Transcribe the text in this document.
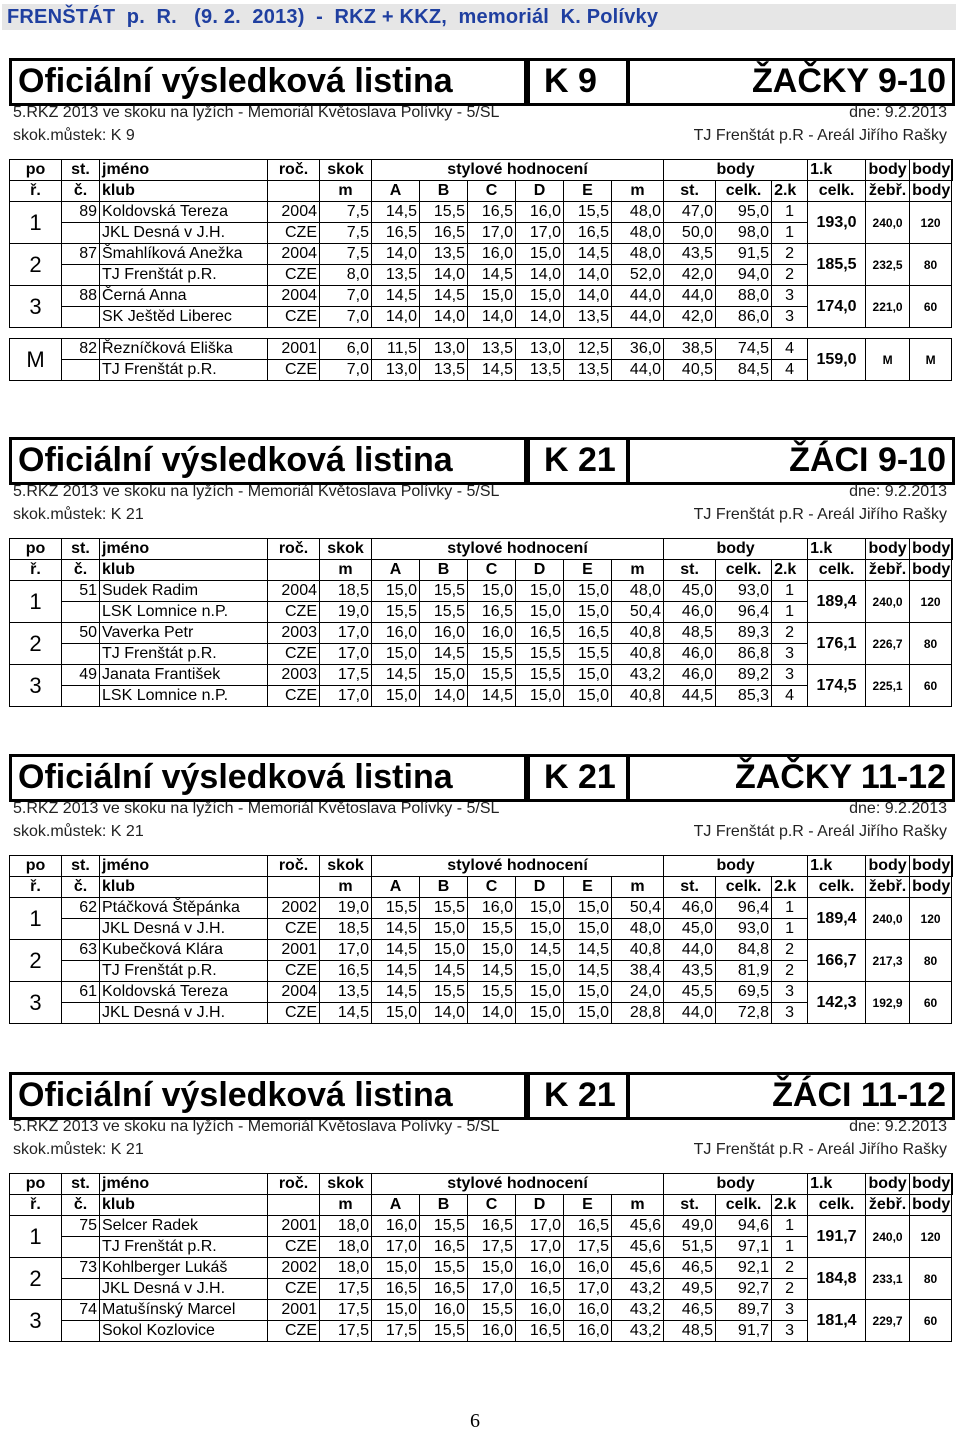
FRENŠTÁT  p.  R.   (9. 2.  2013)  -  RKZ + KKZ,  memoriál  K. Polívky
Oficiální výsledková listina	K 9	ŽAČKY 9-10
5.RKZ 2013 ve skoku na lyžích - Memoriál Květoslava Polívky - 5/SL	dne: 9.2.2013
skok.můstek: K 9	TJ Frenštát p.R - Areál Jiřího Rašky
po	st.	jméno	roč.	skok	stylové hodnocení						body			1.k	body	body	
ř.	č.	klub		m	A	B	C	D	E	m	st.	celk.	2.k	celk.	žebř.	body	
1	89	Koldovská Tereza	2004	7,5	14,5	15,5	16,5	16,0	15,5	48,0	47,0	95,0	1	193,0	240,0	120	
		JKL Desná v J.H.	CZE	7,5	16,5	16,5	17,0	17,0	16,5	48,0	50,0	98,0	1				
2	87	Šmahlíková Anežka	2004	7,5	14,0	13,5	16,0	15,0	14,5	48,0	43,5	91,5	2	185,5	232,5	80	
		TJ Frenštát p.R.	CZE	8,0	13,5	14,0	14,5	14,0	14,0	52,0	42,0	94,0	2				
3	88	Černá Anna	2004	7,0	14,5	14,5	15,0	15,0	14,0	44,0	44,0	88,0	3	174,0	221,0	60	
		SK Ještěd Liberec	CZE	7,0	14,0	14,0	14,0	14,0	13,5	44,0	42,0	86,0	3				

M	82	Řezníčková Eliška	2001	6,0	11,5	13,0	13,5	13,0	12,5	36,0	38,5	74,5	4	159,0	M	M	
		TJ Frenštát p.R.	CZE	7,0	13,0	13,5	14,5	13,5	13,5	44,0	40,5	84,5	4				
Oficiální výsledková listina	K 21	ŽÁCI 9-10
5.RKZ 2013 ve skoku na lyžích - Memoriál Květoslava Polívky - 5/SL	dne: 9.2.2013
skok.můstek: K 21	TJ Frenštát p.R - Areál Jiřího Rašky
po	st.	jméno	roč.	skok	stylové hodnocení						body			1.k	body	body	
ř.	č.	klub		m	A	B	C	D	E	m	st.	celk.	2.k	celk.	žebř.	body	
1	51	Sudek Radim	2004	18,5	15,0	15,5	15,0	15,0	15,0	48,0	45,0	93,0	1	189,4	240,0	120	
		LSK Lomnice n.P.	CZE	19,0	15,5	15,5	16,5	15,0	15,0	50,4	46,0	96,4	1				
2	50	Vaverka Petr	2003	17,0	16,0	16,0	16,0	16,5	16,5	40,8	48,5	89,3	2	176,1	226,7	80	
		TJ Frenštát p.R.	CZE	17,0	15,0	14,5	15,5	15,5	15,5	40,8	46,0	86,8	3				
3	49	Janata František	2003	17,5	14,5	15,0	15,5	15,5	15,0	43,2	46,0	89,2	3	174,5	225,1	60	
		LSK Lomnice n.P.	CZE	17,0	15,0	14,0	14,5	15,0	15,0	40,8	44,5	85,3	4				
Oficiální výsledková listina	K 21	ŽAČKY 11-12
5.RKZ 2013 ve skoku na lyžích - Memoriál Květoslava Polívky - 5/SL	dne: 9.2.2013
skok.můstek: K 21	TJ Frenštát p.R - Areál Jiřího Rašky
po	st.	jméno	roč.	skok	stylové hodnocení						body			1.k	body	body	
ř.	č.	klub		m	A	B	C	D	E	m	st.	celk.	2.k	celk.	žebř.	body	
1	62	Ptáčková Štěpánka	2002	19,0	15,5	15,5	16,0	15,0	15,0	50,4	46,0	96,4	1	189,4	240,0	120	
		JKL Desná v J.H.	CZE	18,5	14,5	15,0	15,5	15,0	15,0	48,0	45,0	93,0	1				
2	63	Kubečková Klára	2001	17,0	14,5	15,0	15,0	14,5	14,5	40,8	44,0	84,8	2	166,7	217,3	80	
		TJ Frenštát p.R.	CZE	16,5	14,5	14,5	14,5	15,0	14,5	38,4	43,5	81,9	2				
3	61	Koldovská Tereza	2004	13,5	14,5	15,5	15,5	15,0	15,0	24,0	45,5	69,5	3	142,3	192,9	60	
		JKL Desná v J.H.	CZE	14,5	15,0	14,0	14,0	15,0	15,0	28,8	44,0	72,8	3				
Oficiální výsledková listina	K 21	ŽÁCI 11-12
5.RKZ 2013 ve skoku na lyžích - Memoriál Květoslava Polívky - 5/SL	dne: 9.2.2013
skok.můstek: K 21	TJ Frenštát p.R - Areál Jiřího Rašky
po	st.	jméno	roč.	skok	stylové hodnocení						body			1.k	body	body	
ř.	č.	klub		m	A	B	C	D	E	m	st.	celk.	2.k	celk.	žebř.	body	
1	75	Selcer Radek	2001	18,0	16,0	15,5	16,5	17,0	16,5	45,6	49,0	94,6	1	191,7	240,0	120	
		TJ Frenštát p.R.	CZE	18,0	17,0	16,5	17,5	17,0	17,5	45,6	51,5	97,1	1				
2	73	Kohlberger Lukáš	2002	18,0	15,0	15,5	15,0	16,0	16,0	45,6	46,5	92,1	2	184,8	233,1	80	
		JKL Desná v J.H.	CZE	17,5	16,5	16,5	17,0	16,5	17,0	43,2	49,5	92,7	2				
3	74	Matušínský Marcel	2001	17,5	15,0	16,0	15,5	16,0	16,0	43,2	46,5	89,7	3	181,4	229,7	60	
		Sokol Kozlovice	CZE	17,5	17,5	15,5	16,0	16,5	16,0	43,2	48,5	91,7	3				
6
